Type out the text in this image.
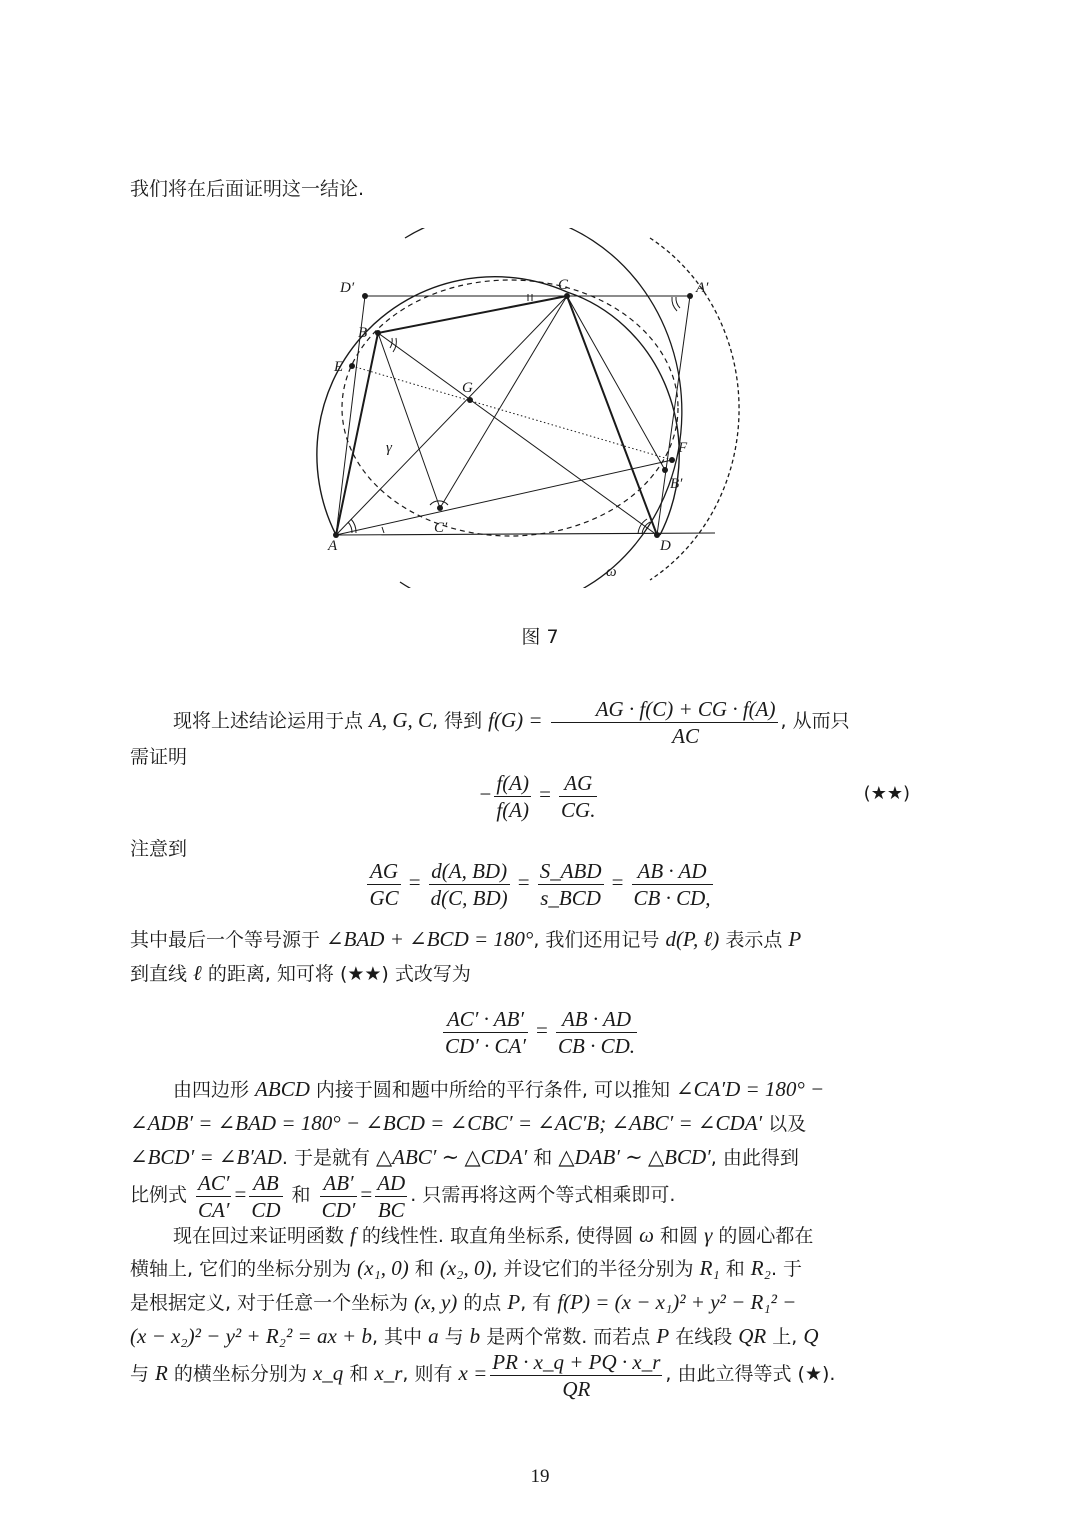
我们将在后面证明这一结论.
D′	C	A′
B
E
G
γ	F
B′
A
C′
D
ω
图 7
现将上述结论运用于点 A, G, C, 得到 $f(G) = \frac{AG \cdot f(C) + CG \cdot f(A)}{AC}$ , 从而只
需证明
− $\frac{f(A)}{f(A)} = \frac{AG}{CG.}$	(★★)
注意到
$\frac{AG}{GC} = \frac{d(A, BD)}{d(C, BD)} = \frac{\text{S\_ABD}}{\text{s\_BCD}} = \frac{AB \cdot AD}{CB \cdot CD,}$
其中最后一个等号源于 ∠BAD + ∠BCD = 180°, 我们还用记号 d(P, ℓ) 表示点 P
到直线 ℓ 的距离, 知可将 (★★) 式改写为
$\frac{AC' \cdot AB'}{CD' \cdot CA'} = \frac{AB \cdot AD}{CB \cdot CD.}$
由四边形 ABCD 内接于圆和题中所给的平行条件, 可以推知 ∠CA′D = 180° −
∠ADB′ = ∠BAD = 180° − ∠BCD = ∠CBC′ = ∠AC′B; ∠ABC′ = ∠CDA′ 以及
∠BCD′ = ∠B′AD. 于是就有 △ABC′ ∼ △CDA′ 和 △DAB′ ∼ △BCD′, 由此得到
比例式 $\frac{AC'}{CA'} = \frac{AB}{CD}$ 和 $\frac{AB'}{CD'} = \frac{AD}{BC}$ . 只需再将这两个等式相乘即可.
现在回过来证明函数 f 的线性性. 取直角坐标系, 使得圆 ω 和圆 γ 的圆心都在
横轴上, 它们的坐标分别为 (x₁, 0) 和 (x₂, 0), 并设它们的半径分别为 R₁ 和 R₂. 于
是根据定义, 对于任意一个坐标为 (x, y) 的点 P, 有 f(P) = (x − x₁)² + y² − R₁² −
(x − x₂)² − y² + R₂² = ax + b, 其中 a 与 b 是两个常数. 而若点 P 在线段 QR 上, Q
与 R 的横坐标分别为 x_q 和 x_r, 则有 $x = \frac{PR \cdot x\_q + PQ \cdot x\_r}{QR}$ , 由此立得等式 (★).
19
